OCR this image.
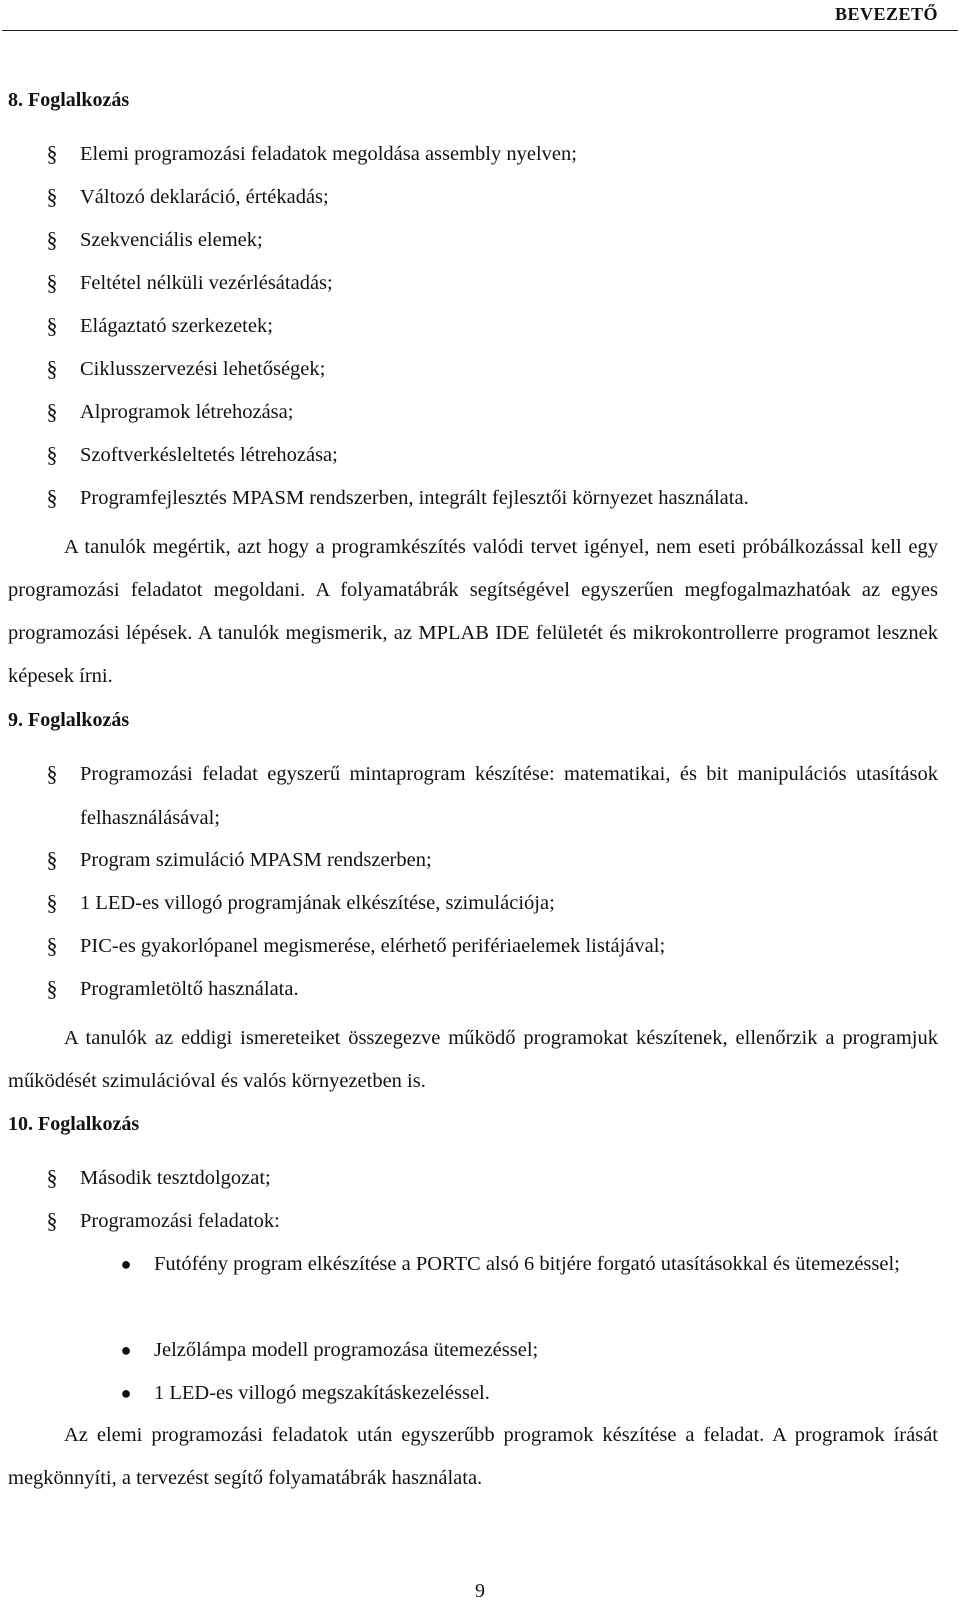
BEVEZETŐ
8. Foglalkozás
§	Elemi programozási feladatok megoldása assembly nyelven;
§	Változó deklaráció, értékadás;
§	Szekvenciális elemek;
§	Feltétel nélküli vezérlésátadás;
§	Elágaztató szerkezetek;
§	Ciklusszervezési lehetőségek;
§	Alprogramok létrehozása;
§	Szoftverkésleltetés létrehozása;
§	Programfejlesztés MPASM rendszerben, integrált fejlesztői környezet használata.
A tanulók megértik, azt hogy a programkészítés valódi tervet igényel, nem eseti próbálkozással kell egy programozási feladatot megoldani. A folyamatábrák segítségével egyszerűen megfogalmazhatóak az egyes programozási lépések. A tanulók megismerik, az MPLAB IDE felületét és mikrokontrollerre programot lesznek képesek írni.
9. Foglalkozás
§	Programozási feladat egyszerű mintaprogram készítése: matematikai, és bit manipulációs utasítások felhasználásával;
§	Program szimuláció MPASM rendszerben;
§	1 LED-es villogó programjának elkészítése, szimulációja;
§	PIC-es gyakorlópanel megismerése, elérhető perifériaelemek listájával;
§	Programletöltő használata.
A tanulók az eddigi ismereteiket összegezve működő programokat készítenek, ellenőrzik a programjuk működését szimulációval és valós környezetben is.
10. Foglalkozás
§	Második tesztdolgozat;
§	Programozási feladatok:
●	Futófény program elkészítése a PORTC alsó 6 bitjére forgató utasításokkal és ütemezéssel;
●	Jelzőlámpa modell programozása ütemezéssel;
●	1 LED-es villogó megszakításkezeléssel.
Az elemi programozási feladatok után egyszerűbb programok készítése a feladat. A programok írását megkönnyíti, a tervezést segítő folyamatábrák használata.
9
